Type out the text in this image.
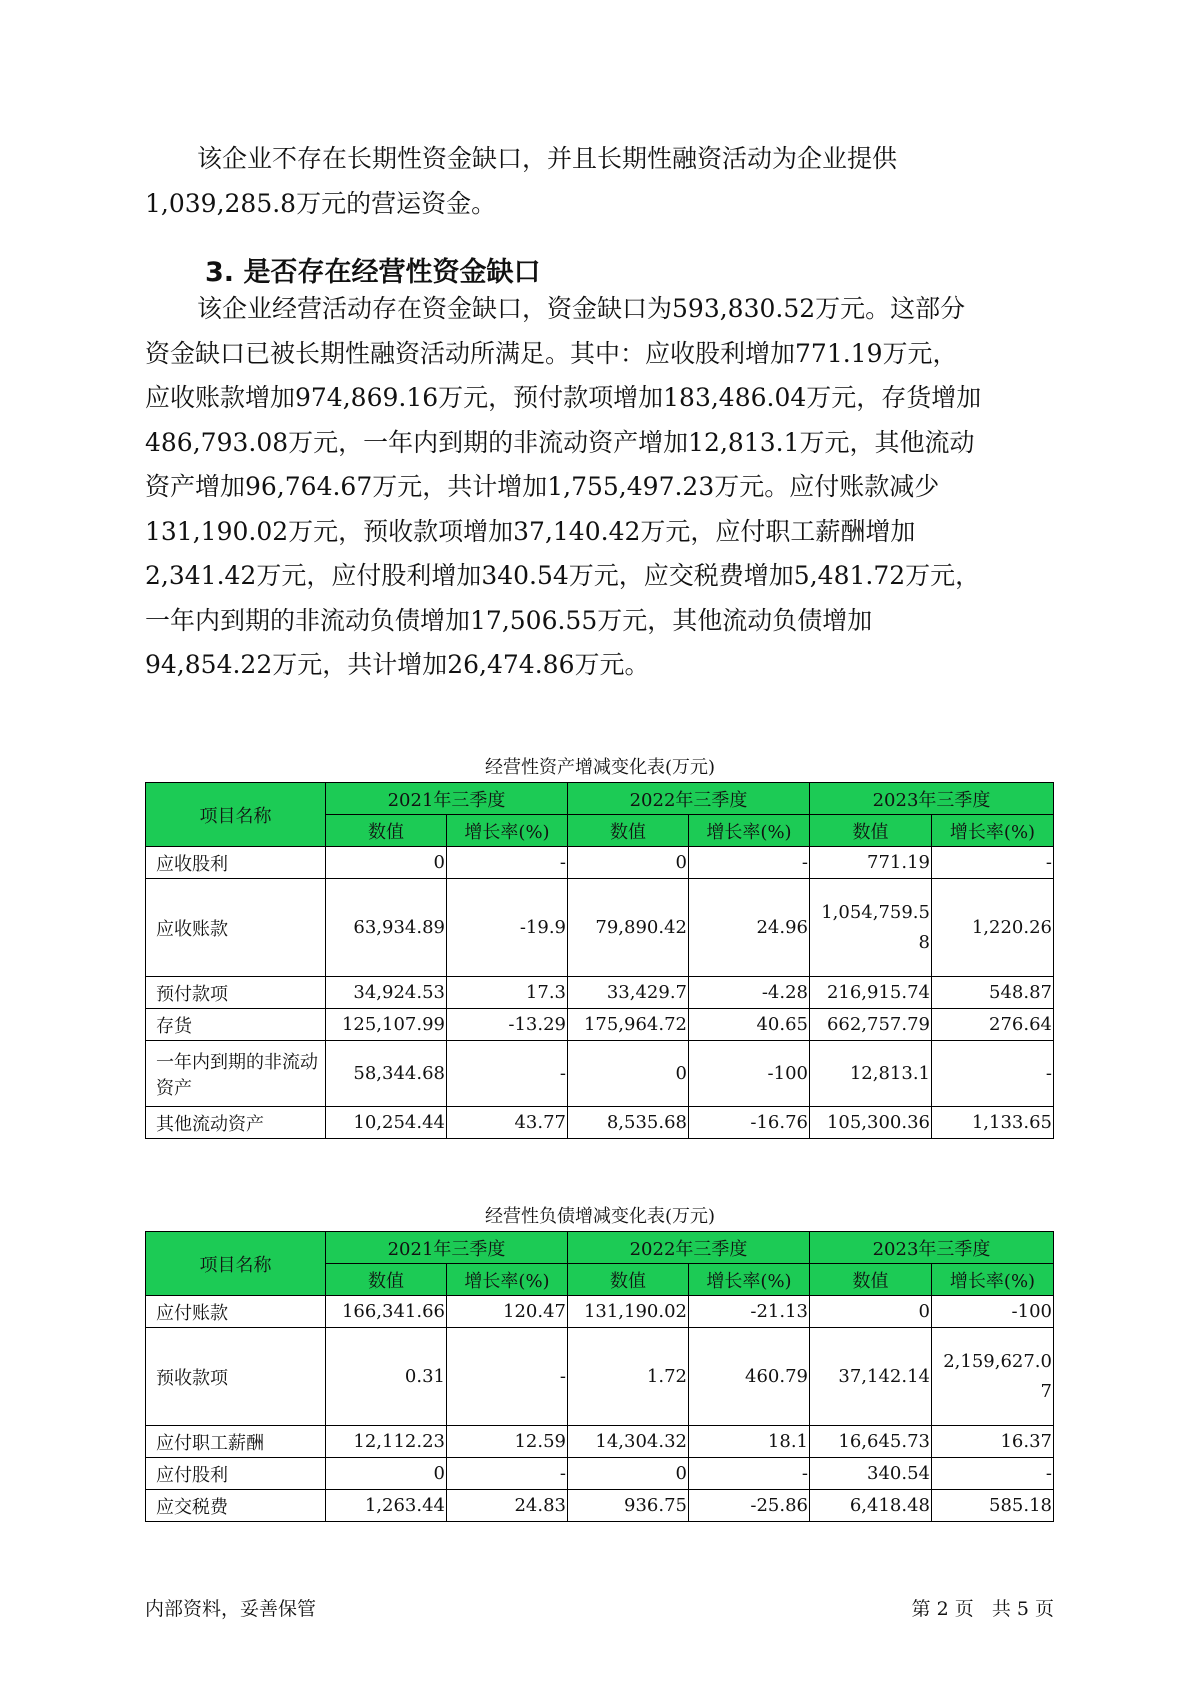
该企业不存在长期性资金缺口，并且长期性融资活动为企业提供
1,039,285.8万元的营运资金。

3. 是否存在经营性资金缺口

该企业经营活动存在资金缺口，资金缺口为593,830.52万元。这部分
资金缺口已被长期性融资活动所满足。其中：应收股利增加771.19万元，
应收账款增加974,869.16万元，预付款项增加183,486.04万元，存货增加
486,793.08万元，一年内到期的非流动资产增加12,813.1万元，其他流动
资产增加96,764.67万元，共计增加1,755,497.23万元。应付账款减少
131,190.02万元，预收款项增加37,140.42万元，应付职工薪酬增加
2,341.42万元，应付股利增加340.54万元，应交税费增加5,481.72万元，
一年内到期的非流动负债增加17,506.55万元，其他流动负债增加
94,854.22万元，共计增加26,474.86万元。

经营性资产增减变化表(万元)
项目名称	2021年三季度		2022年三季度		2023年三季度	
	数值	增长率(%)	数值	增长率(%)	数值	增长率(%)
应收股利	0	-	0	-	771.19	-
应收账款	63,934.89	-19.9	79,890.42	24.96	1,054,759.58	1,220.26
预付款项	34,924.53	17.3	33,429.7	-4.28	216,915.74	548.87
存货	125,107.99	-13.29	175,964.72	40.65	662,757.79	276.64
一年内到期的非流动资产	58,344.68	-	0	-100	12,813.1	-
其他流动资产	10,254.44	43.77	8,535.68	-16.76	105,300.36	1,133.65
经营性负债增减变化表(万元)
项目名称	2021年三季度		2022年三季度		2023年三季度	
	数值	增长率(%)	数值	增长率(%)	数值	增长率(%)
应付账款	166,341.66	120.47	131,190.02	-21.13	0	-100
预收款项	0.31	-	1.72	460.79	37,142.14	2,159,627.07
应付职工薪酬	12,112.23	12.59	14,304.32	18.1	16,645.73	16.37
应付股利	0	-	0	-	340.54	-
应交税费	1,263.44	24.83	936.75	-25.86	6,418.48	585.18
内部资料，妥善保管	第 2 页   共 5 页
